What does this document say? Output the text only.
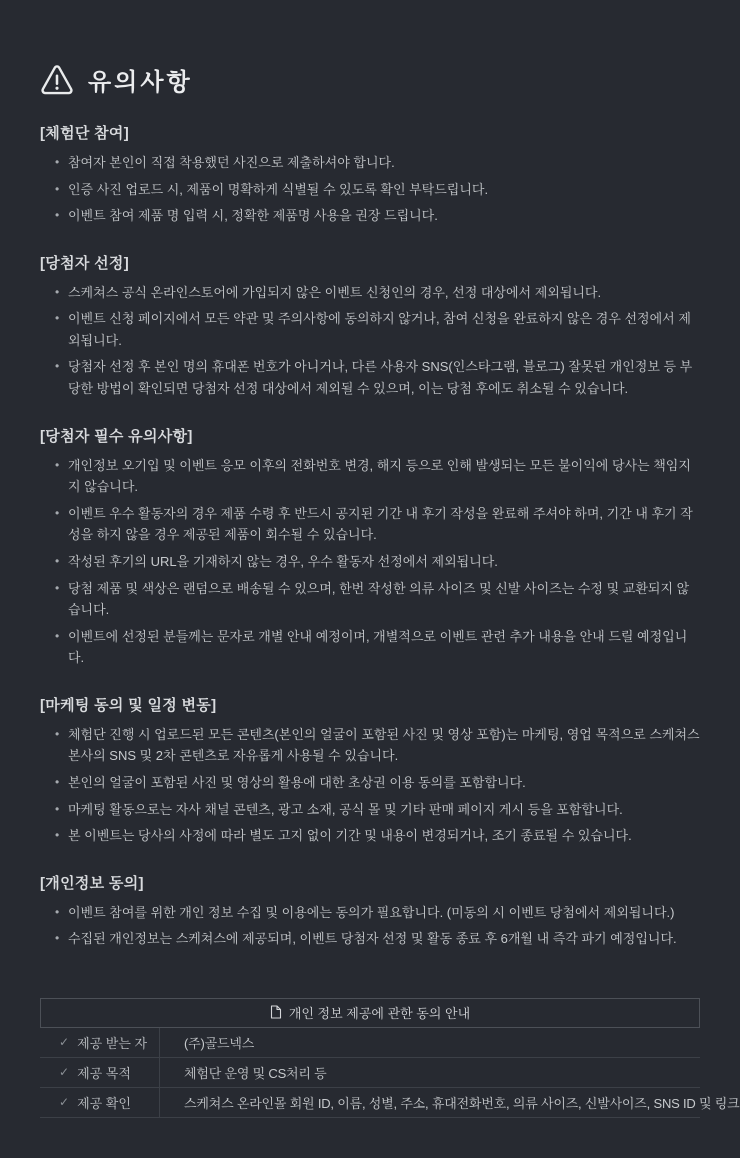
유의사항
[체험단 참여]
• 참여자 본인이 직접 착용했던 사진으로 제출하셔야 합니다.
• 인증 사진 업로드 시, 제품이 명확하게 식별될 수 있도록 확인 부탁드립니다.
• 이벤트 참여 제품 명 입력 시, 정확한 제품명 사용을 권장 드립니다.
[당첨자 선정]
• 스케쳐스 공식 온라인스토어에 가입되지 않은 이벤트 신청인의 경우, 선정 대상에서 제외됩니다.
• 이벤트 신청 페이지에서 모든 약관 및 주의사항에 동의하지 않거나, 참여 신청을 완료하지 않은 경우 선정에서 제외됩니다.
• 당첨자 선정 후 본인 명의 휴대폰 번호가 아니거나, 다른 사용자 SNS(인스타그램, 블로그) 잘못된 개인정보 등 부당한 방법이 확인되면 당첨자 선정 대상에서 제외될 수 있으며, 이는 당첨 후에도 취소될 수 있습니다.
[당첨자 필수 유의사항]
• 개인정보 오기입 및 이벤트 응모 이후의 전화번호 변경, 해지 등으로 인해 발생되는 모든 불이익에 당사는 책임지지 않습니다.
• 이벤트 우수 활동자의 경우 제품 수령 후 반드시 공지된 기간 내 후기 작성을 완료해 주셔야 하며, 기간 내 후기 작성을 하지 않을 경우 제공된 제품이 회수될 수 있습니다.
• 작성된 후기의 URL을 기재하지 않는 경우, 우수 활동자 선정에서 제외됩니다.
• 당첨 제품 및 색상은 랜덤으로 배송될 수 있으며, 한번 작성한 의류 사이즈 및 신발 사이즈는 수정 및 교환되지 않습니다.
• 이벤트에 선정된 분들께는 문자로 개별 안내 예정이며, 개별적으로 이벤트 관련 추가 내용을 안내 드릴 예정입니다.
[마케팅 동의 및 일정 변동]
• 체험단 진행 시 업로드된 모든 콘텐츠(본인의 얼굴이 포함된 사진 및 영상 포함)는 마케팅, 영업 목적으로 스케쳐스 본사의 SNS 및 2차 콘텐츠로 자유롭게 사용될 수 있습니다.
• 본인의 얼굴이 포함된 사진 및 영상의 활용에 대한 초상권 이용 동의를 포함합니다.
• 마케팅 활동으로는 자사 채널 콘텐츠, 광고 소재, 공식 몰 및 기타 판매 페이지 게시 등을 포함합니다.
• 본 이벤트는 당사의 사정에 따라 별도 고지 없이 기간 및 내용이 변경되거나, 조기 종료될 수 있습니다.
[개인정보 동의]
• 이벤트 참여를 위한 개인 정보 수집 및 이용에는 동의가 필요합니다. (미동의 시 이벤트 당첨에서 제외됩니다.)
• 수집된 개인정보는 스케쳐스에 제공되며, 이벤트 당첨자 선정 및 활동 종료 후 6개월 내 즉각 파기 예정입니다.
개인 정보 제공에 관한 동의 안내
✓ 제공 받는 자	(주)골드넥스
✓ 제공 목적	체험단 운영 및 CS처리 등
✓ 제공 확인	스케쳐스 온라인몰 회원 ID, 이름, 성별, 주소, 휴대전화번호, 의류 사이즈, 신발사이즈, SNS ID 및 링크
